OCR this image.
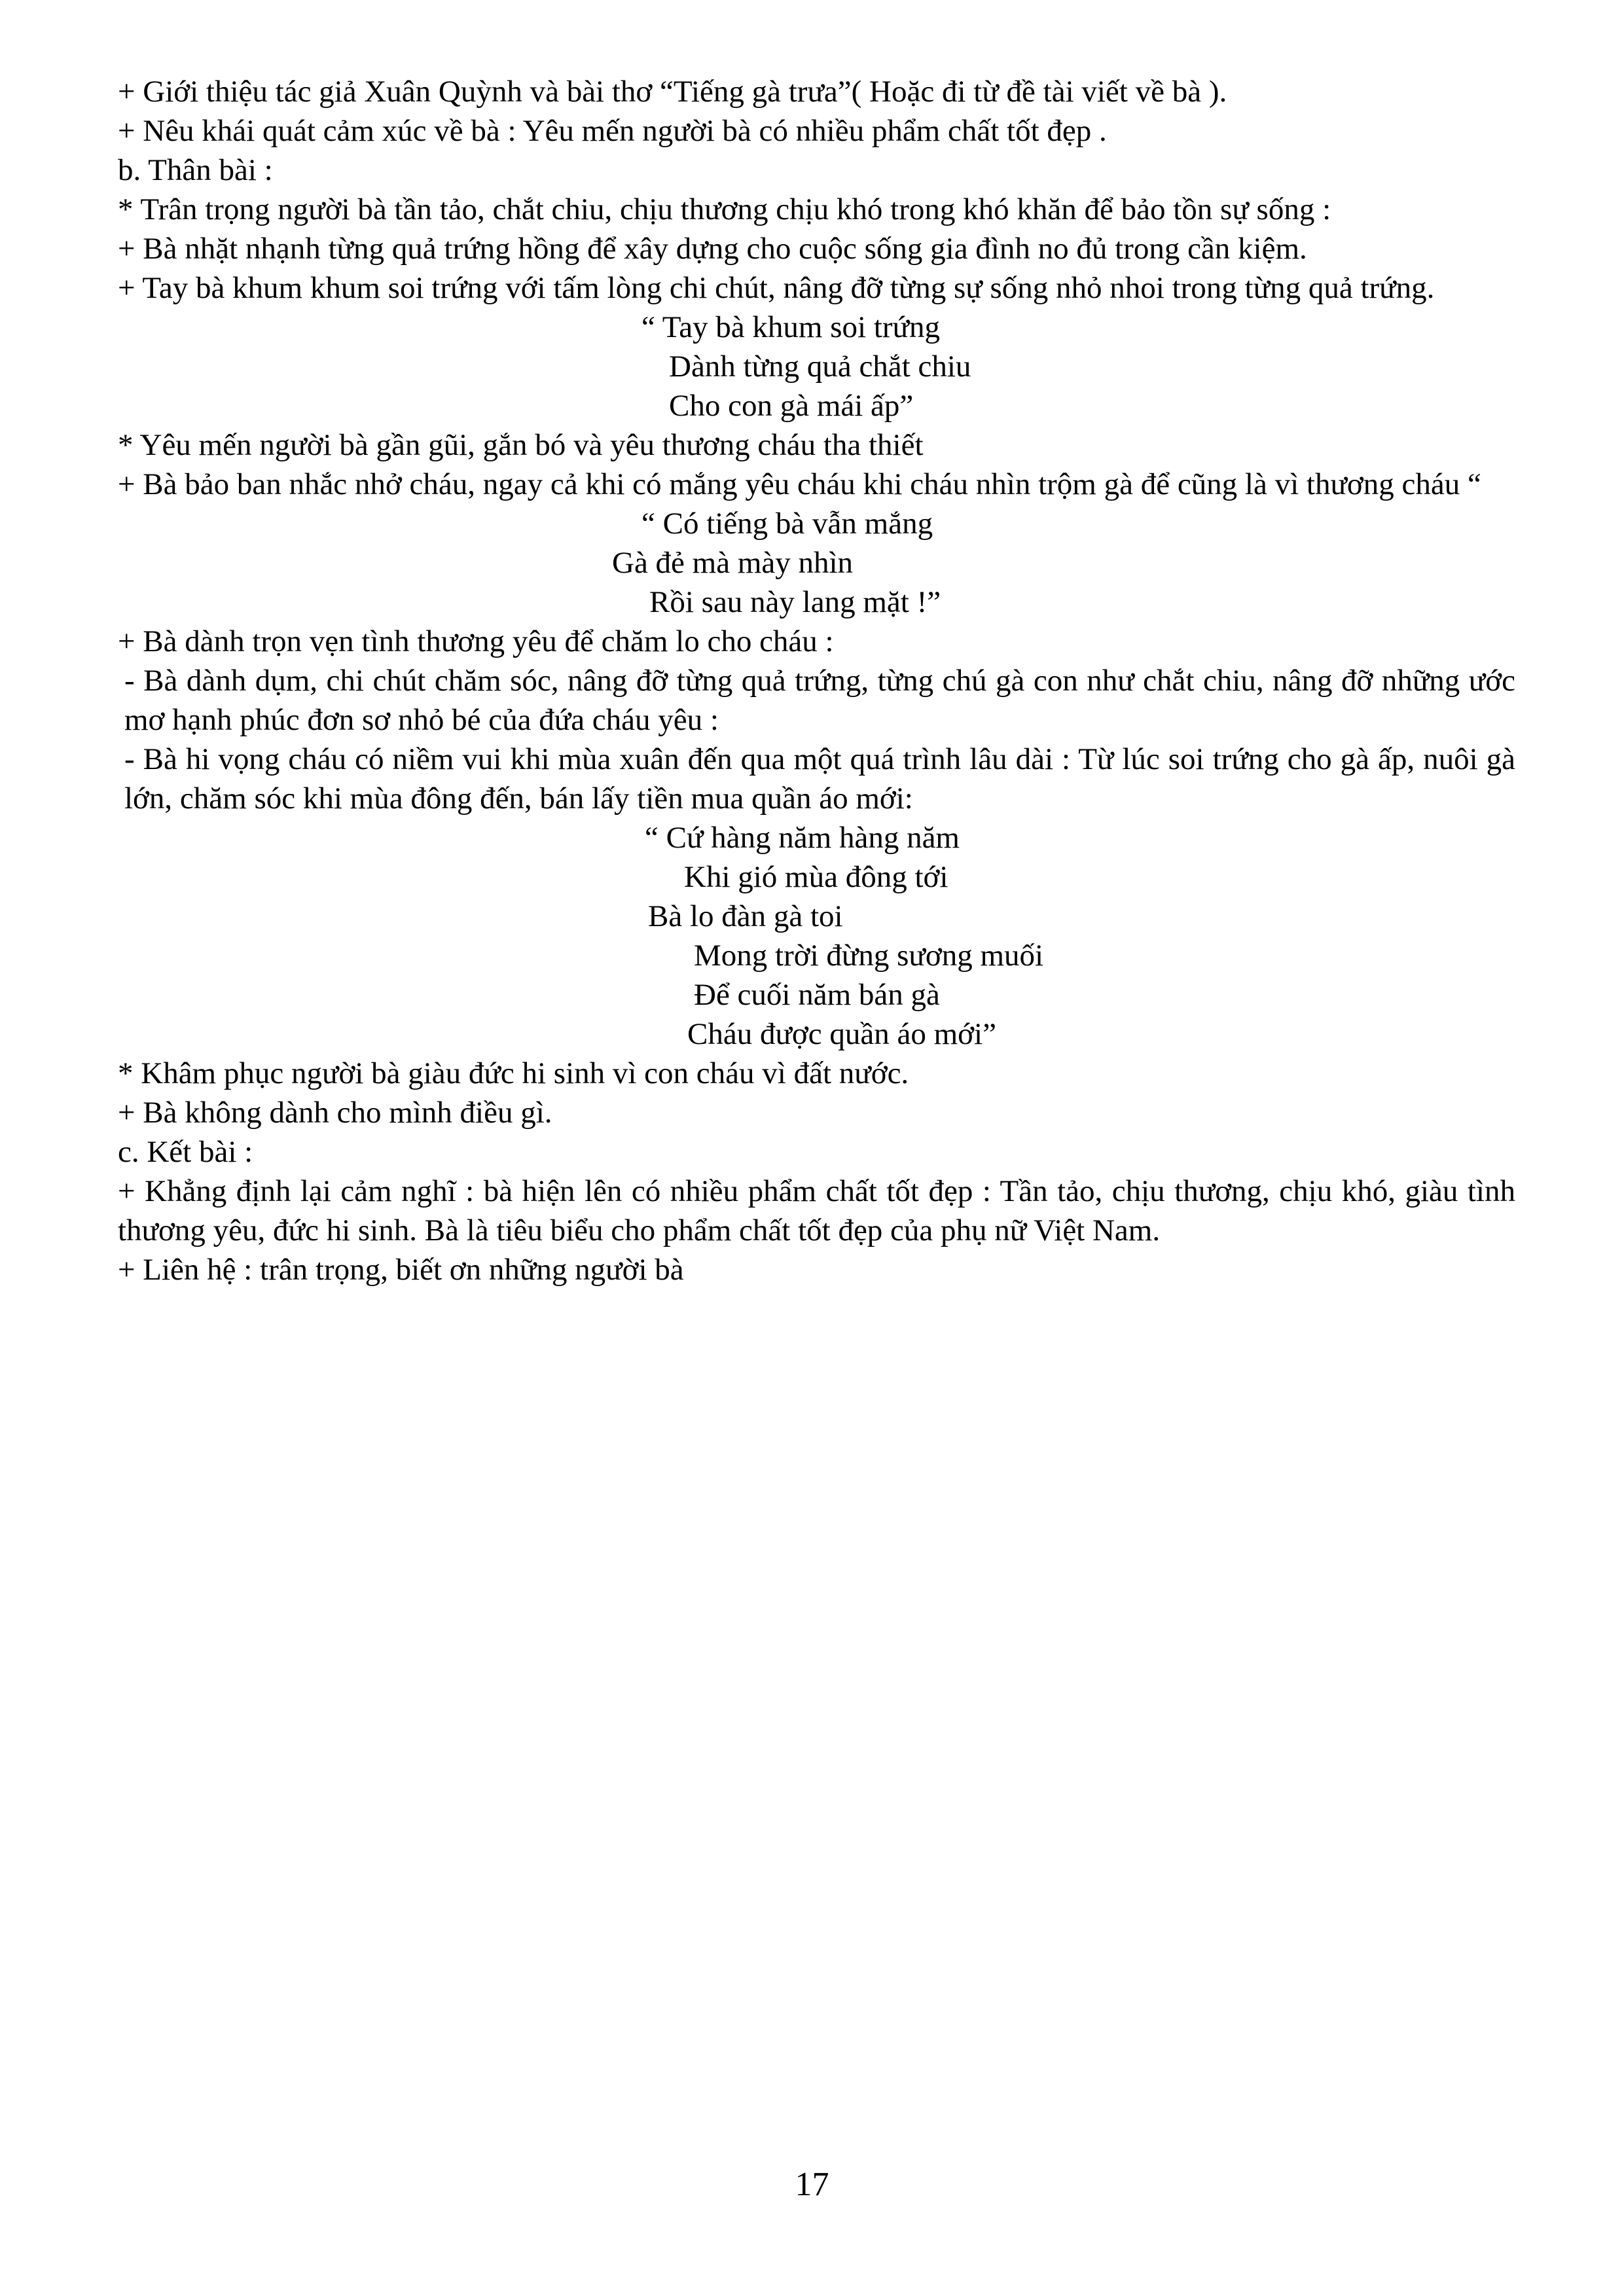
+ Giới thiệu tác giả Xuân Quỳnh và bài thơ “Tiếng gà trưa”( Hoặc đi từ đề tài viết về bà ).

+ Nêu khái quát cảm xúc về bà : Yêu mến người bà có nhiều phẩm chất tốt đẹp .

b. Thân bài :

* Trân trọng người bà tần tảo, chắt chiu, chịu thương chịu khó trong khó khăn để bảo tồn sự sống :

+ Bà nhặt nhạnh từng quả trứng hồng để xây dựng cho cuộc sống gia đình no đủ trong cần kiệm.

+ Tay bà khum khum soi trứng với tấm lòng chi chút, nâng đỡ từng sự sống nhỏ nhoi trong từng quả trứng.

“ Tay bà khum soi trứng
Dành từng quả chắt chiu
Cho con gà mái ấp”

* Yêu mến người bà gần gũi, gắn bó và yêu thương cháu tha thiết

+ Bà bảo ban nhắc nhở cháu, ngay cả khi có mắng yêu cháu khi cháu nhìn trộm gà để cũng là vì thương cháu “

“ Có tiếng bà vẫn mắng
Gà đẻ mà mày nhìn
Rồi sau này lang mặt !”

+ Bà dành trọn vẹn tình thương yêu để chăm lo cho cháu :

- Bà dành dụm, chi chút chăm sóc, nâng đỡ từng quả trứng, từng chú gà con như chắt chiu, nâng đỡ những ước mơ hạnh phúc đơn sơ nhỏ bé của đứa cháu yêu :

- Bà hi vọng cháu có niềm vui khi mùa xuân đến qua một quá trình lâu dài : Từ lúc soi trứng cho gà ấp, nuôi gà lớn, chăm sóc khi mùa đông đến, bán lấy tiền mua quần áo mới:

“ Cứ hàng năm hàng năm
Khi gió mùa đông tới
Bà lo đàn gà toi
Mong trời đừng sương muối
Để cuối năm bán gà
Cháu được quần áo mới”

* Khâm phục người bà giàu đức hi sinh vì con cháu vì đất nước.

+ Bà không dành cho mình điều gì.

c. Kết bài :

+ Khẳng định lại cảm nghĩ : bà hiện lên có nhiều phẩm chất tốt đẹp : Tần tảo, chịu thương, chịu khó, giàu tình thương yêu, đức hi sinh. Bà là tiêu biểu cho phẩm chất tốt đẹp của phụ nữ Việt Nam.

+ Liên hệ : trân trọng, biết ơn những người bà

17
